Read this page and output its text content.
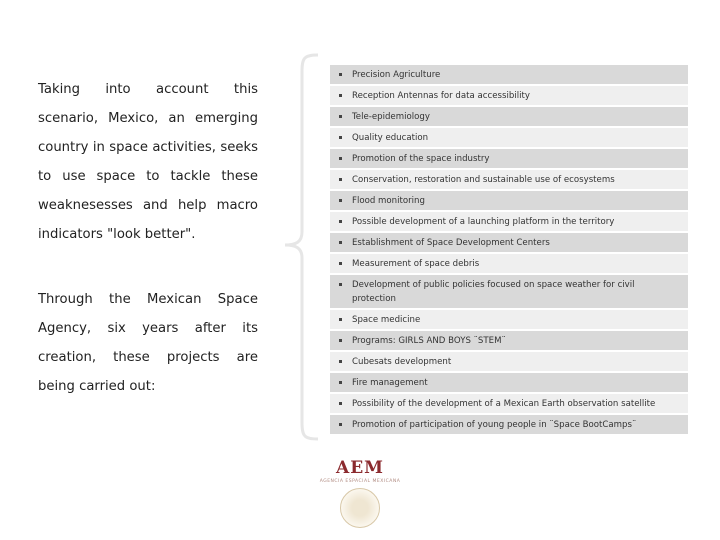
Taking into account this scenario, Mexico, an emerging country in space activities, seeks to use space to tackle these weaknesesses and help macro indicators "look better".

Through the Mexican Space Agency, six years after its creation, these projects are being carried out:

Precision Agriculture
Reception Antennas for data accessibility
Tele-epidemiology
Quality education
Promotion of the space industry
Conservation, restoration and sustainable use of ecosystems
Flood monitoring
Possible development of a launching platform in the territory
Establishment of Space Development Centers
Measurement of space debris
Development of public policies focused on space weather for civil protection
Space medicine
Programs: GIRLS AND BOYS ¨STEM¨
Cubesats development
Fire management
Possibility of the development of a Mexican Earth observation satellite
Promotion of participation of young people in ¨Space BootCamps¨
AEM
AGENCIA ESPACIAL MEXICANA
